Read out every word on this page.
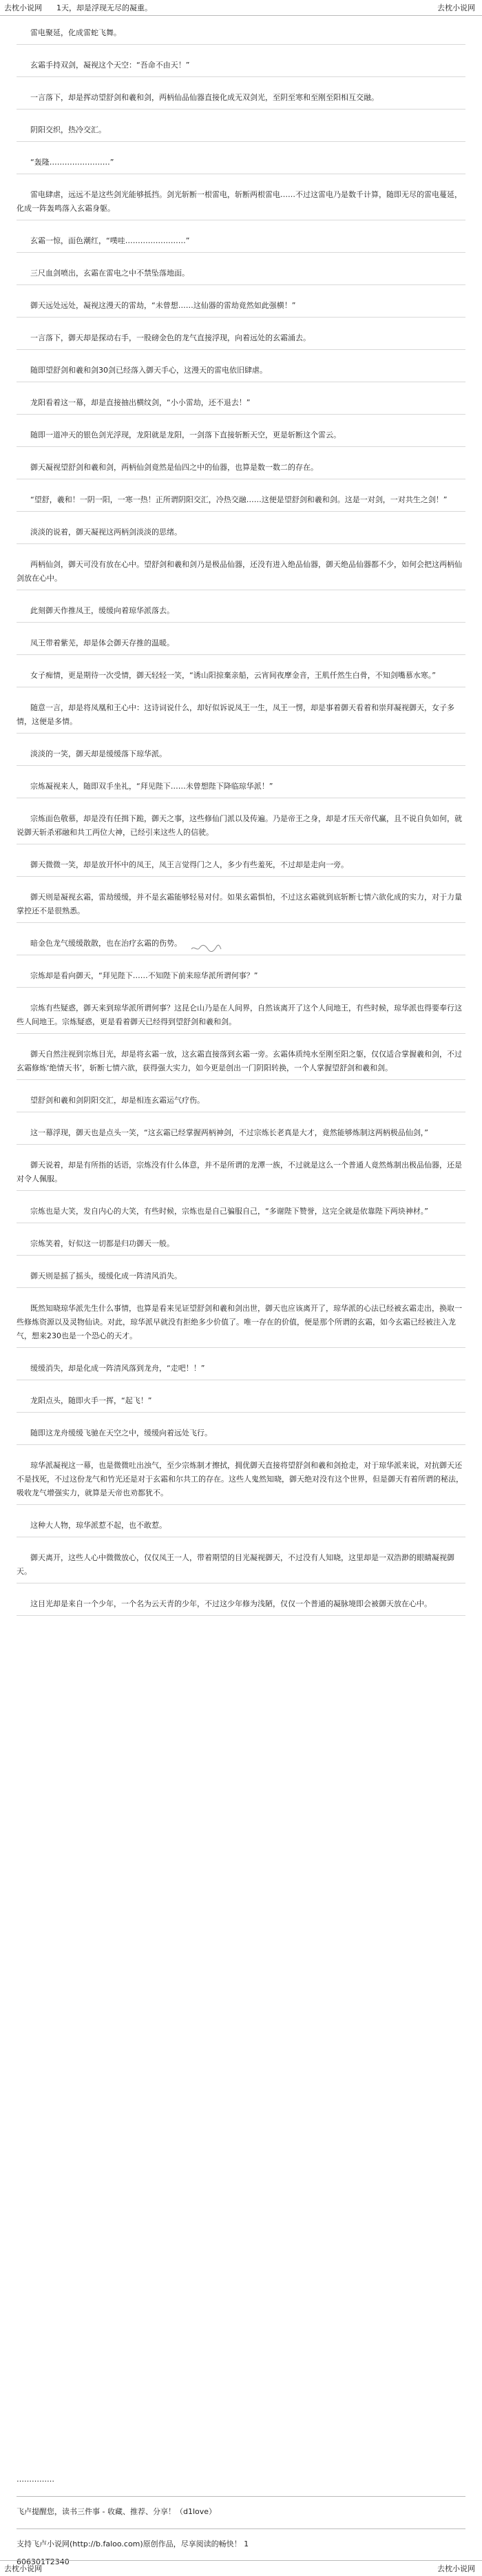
去枕小说网 1天，却是浮现无尽的凝重。	去枕小说网
雷电聚延，化成雷蛇飞舞。
玄霜手持双剑，凝视这个天空：“吾命不由天！”
一言落下，却是挥动望舒剑和羲和剑，两柄仙品仙器直接化成无双剑光，至阴至寒和至刚至阳相互交融。
阴阳交织，热冷交汇。
“轰隆……………………”
雷电肆虐，远远不是这些剑光能够抵挡。剑光斩断一根雷电，斩断两根雷电……不过这雷电乃是数千计算，随即无尽的雷电蔓延，化成一阵轰鸣落入玄霜身躯。
玄霜一惊，面色潮红，“噗哇……………………”
三尺血剑喷出，玄霜在雷电之中不禁坠落地面。
御天远处远处，凝视这漫天的雷劫，“未曾想……这仙器的雷劫竟然如此强横！”
一言落下，御天却是探动右手，一股磅金色的龙气直接浮现，向着远处的玄霜涌去。
随即望舒剑和羲和剑30剑已经落入御天手心，这漫天的雷电依旧肆虐。
龙阳看着这一幕，却是直接抽出横纹剑，“小小雷劫，还不退去！”
随即一道冲天的银色剑光浮现，龙阳就是龙阳，一剑落下直接斩断天空，更是斩断这个雷云。
御天凝视望舒剑和羲和剑，两柄仙剑竟然是仙四之中的仙器，也算是数一数二的存在。
“望舒，羲和！一阴一阳，一寒一热！正所谓阴阳交汇，冷热交融……这便是望舒剑和羲和剑。这是一对剑，一对共生之剑！”
淡淡的说着，御天凝视这两柄剑淡淡的思绪。
两柄仙剑，御天可没有放在心中。望舒剑和羲和剑乃是极品仙器，还没有进入绝品仙器，御天绝品仙器都不少，如何会把这两柄仙剑放在心中。
此刻御天作推凤王，缓缓向着琼华派落去。
凤王带着紫芜，却是体会御天存推的温暖。
女子痴情，更是期待一次受情，御天轻轻一笑，“诱山阳掠棄亲船，云宵间夜摩金音，王肌仟然生白骨，不知剑嘴慕水寒。”
随意一言，却是将凤凰和王心中：这诗词说什么，却好似诉说凤王一生，凤王一愣，却是事着御天看着和崇拜凝视御天，女子多情，这便是多情。
淡淡的一笑，御天却是缓缓落下琼华派。
宗炼凝视来人，随即双手坐礼，“拜见陛下……未曾想陛下降临琼华派！”
宗炼面色敬慕，却是没有任揖下跪，御天之事，这些修仙门派以及传遍。乃是帝王之身，却是才压天帝代赢，且不说自负如何，就说御天斩杀邪融和共工两位大神，已经引来这些人的信驶。
御天微微一笑，却是放开怀中的凤王，凤王言觉得门之人，多少有些羞死，不过却是走向一旁。
御天则是凝视玄霜，雷劫缓缓，并不是玄霜能够轻易对付。如果玄霜惧怕，不过这玄霜就到底斩断七情六欲化成的实力，对于力量掌控还不是很熟悉。
暗金色龙气缓缓散散，也在治疗玄霜的伤势。
宗炼却是看向御天，“拜见陛下……不知陛下前来琼华派所谓何事？”
宗炼有些疑惑，御天来到琼华派所谓何事？这昆仑山乃是在人间界，自然该离开了这个人间地王，有些时候，琼华派也得要奉行这些人间地王。宗炼疑惑，更是看着御天已经得到望舒剑和羲和剑。
御天自然注视到宗炼目光，却是将玄霜一放，这玄霜直接落到玄霜一旁。玄霜体质纯水至刚至阳之躯，仅仅适合掌握羲和剑，不过玄霜修炼‘绝情天书’，斩断七情六欲，获得强大实力，如今更是创出一门阴阳转换，一个人掌握望舒剑和羲和剑。
望舒剑和羲和剑阴阳交汇，却是相连玄霜运气疗伤。
这一幕浮现，御天也是点头一笑，“这玄霜已经掌握两柄神剑，不过宗炼长老真是大才，竟然能够炼制这两柄极品仙剑，”
御天说着，却是有所指的话语，宗炼没有什么体意，并不是所谓的龙潭一族，不过就是这么一个普通人竟然炼制出极品仙器，还是对令人佩服。
宗炼也是大笑，发自内心的大笑，有些时候，宗炼也是自己骗服自己，“多谢陛下赞誉，这完全就是依靠陛下两块神材。”
宗炼笑着，好似这一切都是归功御天一般。
御天则是摇了摇头，缓缓化成一阵清风消失。
既然知晓琼华派先生什么事情，也算是看来见证望舒剑和羲和剑出世，御天也应该离开了，琼华派的心法已经被玄霜走出，换取一些修炼资源以及灵物仙诀。对此，琼华派早就没有拒绝多少价值了。唯一存在的价值，便是那个所谓的玄霜，如今玄霜已经被注入龙气，想来230也是一个恐心的天才。
缓缓消失，却是化成一阵清风落到龙舟，“走吧！！”
龙阳点头，随即火手一挥，“起飞！”
随即这龙舟缓缓飞驰在天空之中，缓缓向着远处飞行。
琼华派凝视这一幕，也是微微吐出浊气，至少宗炼制才擦拭，拥优御天直接将望舒剑和羲和剑抢走，对于琼华派来说，对抗御天还不是找死，不过这份龙气和竹光还是对于玄霜和尔共工的存在。这些人鬼然知晓，御天绝对没有这个世界，但是御天有着所谓的秘法，吸收龙气增强实力，就算是天帝也劝都犹不。
这种大人物，琼华派惹不起，也不敢惹。
御天离开，这些人心中微微放心，仅仅凤王一人，带着期望的目光凝视御天，不过没有人知晓，这里却是一双浩渺的眼睛凝视御天。
这目光却是来自一个少年，一个名为云天青的少年，不过这少年修为浅陋，仅仅一个普通的凝脉境即会被御天放在心中。
……………
飞卢提醒您，读书三件事 - 收藏、推荐、分享！（d1love）
支持飞卢小说网(http://b.faloo.com)原创作品，尽享阅读的畅快！ 1
606301T2340
去枕小说网	去枕小说网
